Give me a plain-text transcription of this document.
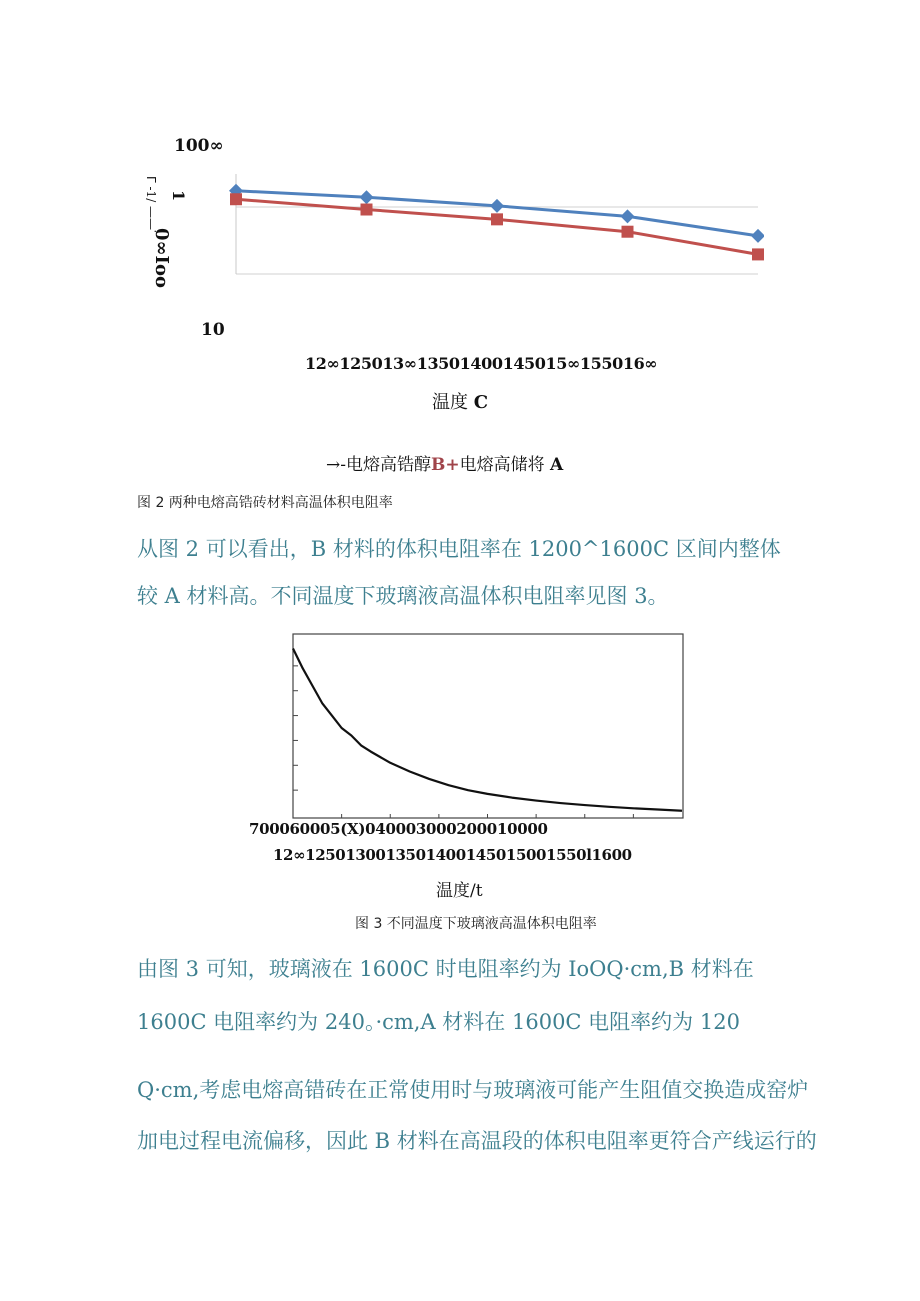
100∞
0∞Ioo
1
ᒥ -1/ ——ᣟ
10
12∞125013∞13501400145015∞155016∞
温度 C
→-电熔高锆醇B+电熔高储将 A
图 2 两种电熔高锆砖材料高温体积电阻率
从图 2 可以看出，B 材料的体积电阻率在 1200^1600C 区间内整体
较 A 材料高。不同温度下玻璃液高温体积电阻率见图 3。
700060005(X)040003000200010000
12∞1250130013501400145015001550l1600
温度/t
图 3 不同温度下玻璃液高温体积电阻率
由图 3 可知，玻璃液在 1600C 时电阻率约为 IoOQ·cm,B 材料在
1600C 电阻率约为 240。·cm,A 材料在 1600C 电阻率约为 120
Q·cm,考虑电熔高错砖在正常使用时与玻璃液可能产生阻值交换造成窑炉
加电过程电流偏移，因此 B 材料在高温段的体积电阻率更符合产线运行的
